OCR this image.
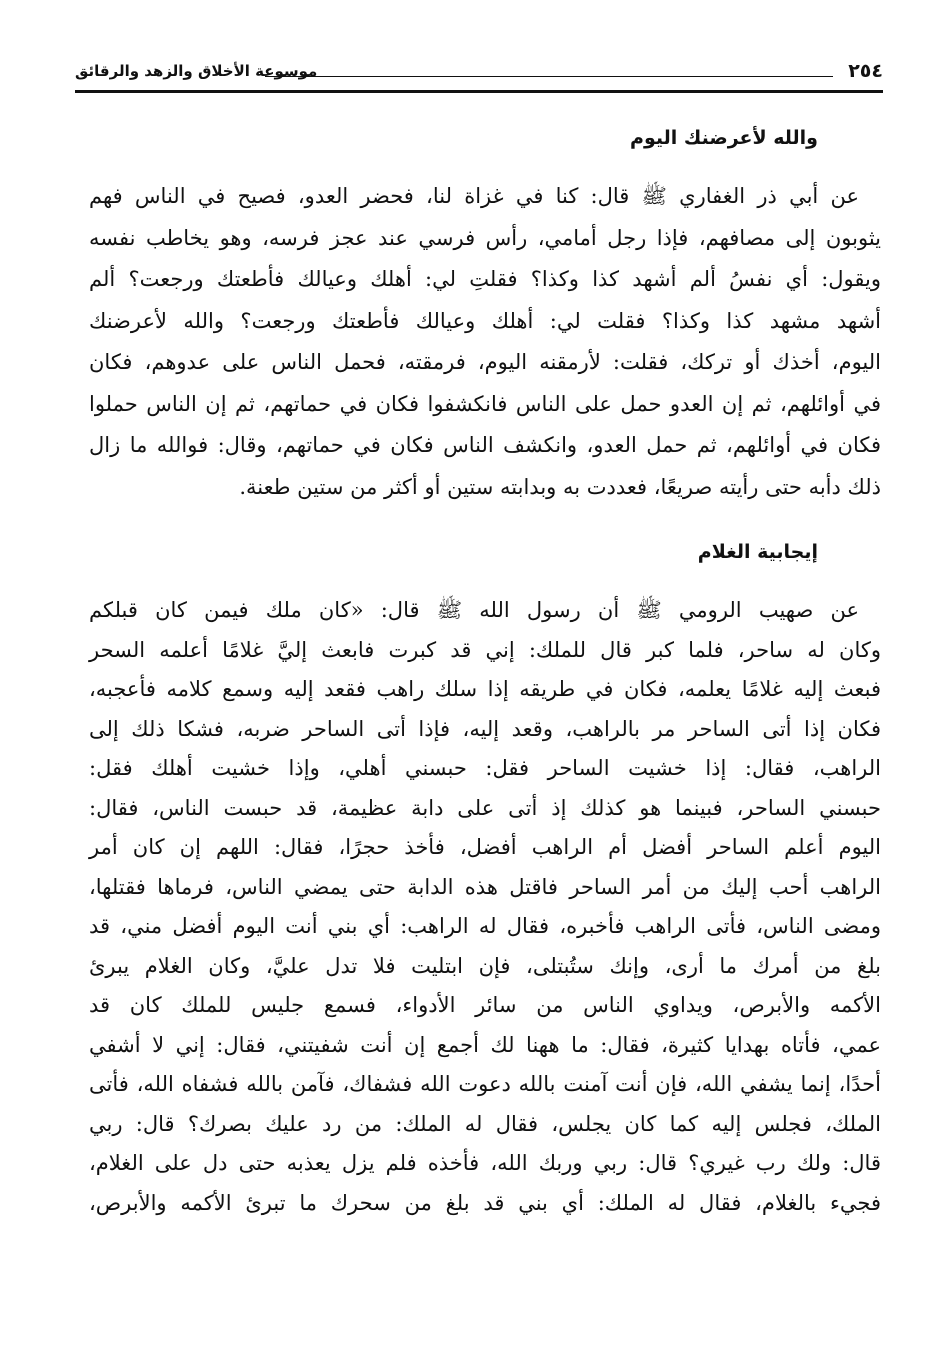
٢٥٤
موسوعة الأخلاق والزهد والرقائق
والله لأعرضنك اليوم
عن أبي ذر الغفاري ﷺ قال: كنا في غزاة لنا، فحضر العدو، فصيح في الناس فهم
يثوبون إلى مصافهم، فإذا رجل أمامي، رأس فرسي عند عجز فرسه، وهو يخاطب نفسه
ويقول: أي نفسُ ألم أشهد كذا وكذا؟ فقلتِ لي: أهلك وعيالك فأطعتك ورجعت؟ ألم
أشهد مشهد كذا وكذا؟ فقلت لي: أهلك وعيالك فأطعتك ورجعت؟ والله لأعرضنك
اليوم، أخذك أو تركك، فقلت: لأرمقنه اليوم، فرمقته، فحمل الناس على عدوهم، فكان
في أوائلهم، ثم إن العدو حمل على الناس فانكشفوا فكان في حماتهم، ثم إن الناس حملوا
فكان في أوائلهم، ثم حمل العدو، وانكشف الناس فكان في حماتهم، وقال: فوالله ما زال
ذلك دأبه حتى رأيته صريعًا، فعددت به وبدابته ستين أو أكثر من ستين طعنة.
إيجابية الغلام
عن صهيب الرومي ﷺ أن رسول الله ﷺ قال: «كان ملك فيمن كان قبلكم
وكان له ساحر، فلما كبر قال للملك: إني قد كبرت فابعث إليَّ غلامًا أعلمه السحر
فبعث إليه غلامًا يعلمه، فكان في طريقه إذا سلك راهب فقعد إليه وسمع كلامه فأعجبه،
فكان إذا أتى الساحر مر بالراهب، وقعد إليه، فإذا أتى الساحر ضربه، فشكا ذلك إلى
الراهب، فقال: إذا خشيت الساحر فقل: حبسني أهلي، وإذا خشيت أهلك فقل:
حبسني الساحر، فبينما هو كذلك إذ أتى على دابة عظيمة، قد حبست الناس، فقال:
اليوم أعلم الساحر أفضل أم الراهب أفضل، فأخذ حجرًا، فقال: اللهم إن كان أمر
الراهب أحب إليك من أمر الساحر فاقتل هذه الدابة حتى يمضي الناس، فرماها فقتلها،
ومضى الناس، فأتى الراهب فأخبره، فقال له الراهب: أي بني أنت اليوم أفضل مني، قد
بلغ من أمرك ما أرى، وإنك ستُبتلى، فإن ابتليت فلا تدل عليَّ، وكان الغلام يبرئ
الأكمه والأبرص، ويداوي الناس من سائر الأدواء، فسمع جليس للملك كان قد
عمي، فأتاه بهدايا كثيرة، فقال: ما ههنا لك أجمع إن أنت شفيتني، فقال: إني لا أشفي
أحدًا، إنما يشفي الله، فإن أنت آمنت بالله دعوت الله فشفاك، فآمن بالله فشفاه الله، فأتى
الملك، فجلس إليه كما كان يجلس، فقال له الملك: من رد عليك بصرك؟ قال: ربي
قال: ولك رب غيري؟ قال: ربي وربك الله، فأخذه فلم يزل يعذبه حتى دل على الغلام،
فجيء بالغلام، فقال له الملك: أي بني قد بلغ من سحرك ما تبرئ الأكمه والأبرص،
